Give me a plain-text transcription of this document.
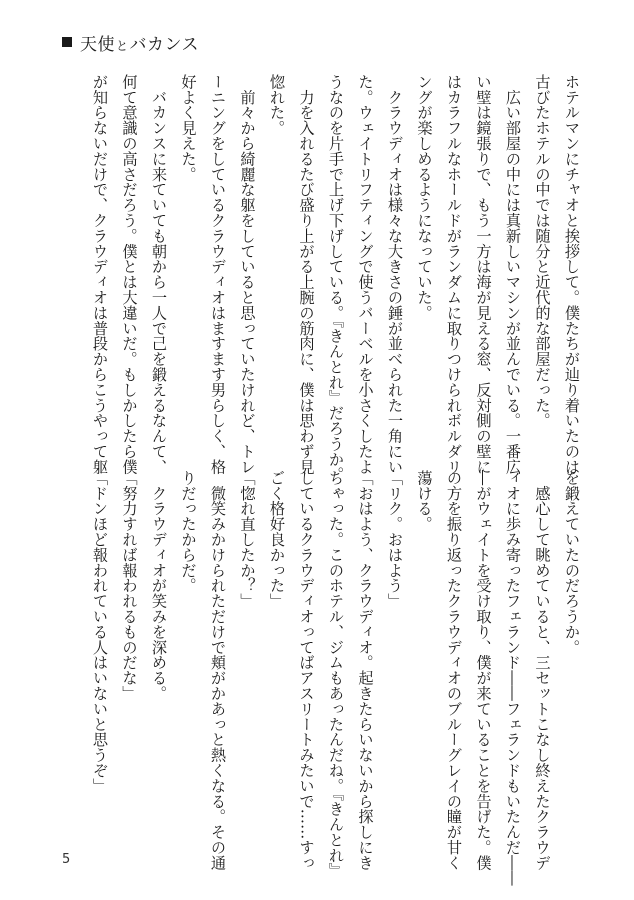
天使とバカンス
ホテルマンにチャオと挨拶して。僕たちが辿り着いたのは
古びたホテルの中では随分と近代的な部屋だった。
　広い部屋の中には真新しいマシンが並んでいる。一番広
い壁は鏡張りで、もう一方は海が見える窓、反対側の壁に
はカラフルなホールドがランダムに取りつけられボルダリ
ングが楽しめるようになっていた。
　クラウディオは様々な大きさの錘が並べられた一角にい
た。ウェイトリフティングで使うバーベルを小さくしたよ
うなのを片手で上げ下げしている。『きんとれ』だろうか。
　力を入れるたび盛り上がる上腕の筋肉に、僕は思わず見
惚れた。
　前々から綺麗な躯をしていると思っていたけれど、トレ
ーニングをしているクラウディオはますます男らしく、格
好よく見えた。
　バカンスに来ていても朝から一人で己を鍛えるなんて、
何て意識の高さだろう。僕とは大違いだ。もしかしたら僕
が知らないだけで、クラウディオは普段からこうやって躯
を鍛えていたのだろうか。
　感心して眺めていると、三セットこなし終えたクラウデ
ィオに歩み寄ったフェランド――フェランドもいたんだ――
―がウェイトを受け取り、僕が来ていることを告げた。僕
の方を振り返ったクラウディオのブルーグレイの瞳が甘く
蕩ける。
「リク。おはよう」
「おはよう、クラウディオ。起きたらいないから探しにき
ちゃった。このホテル、ジムもあったんだね。『きんとれ』
しているクラウディオってばアスリートみたいで……すっ
ごく格好良かった」
「惚れ直したか？」
　微笑みかけられただけで頬がかあっと熱くなる。その通
りだったからだ。
　クラウディオが笑みを深める。
「努力すれば報われるものだな」
「ドンほど報われている人はいないと思うぞ」
5
